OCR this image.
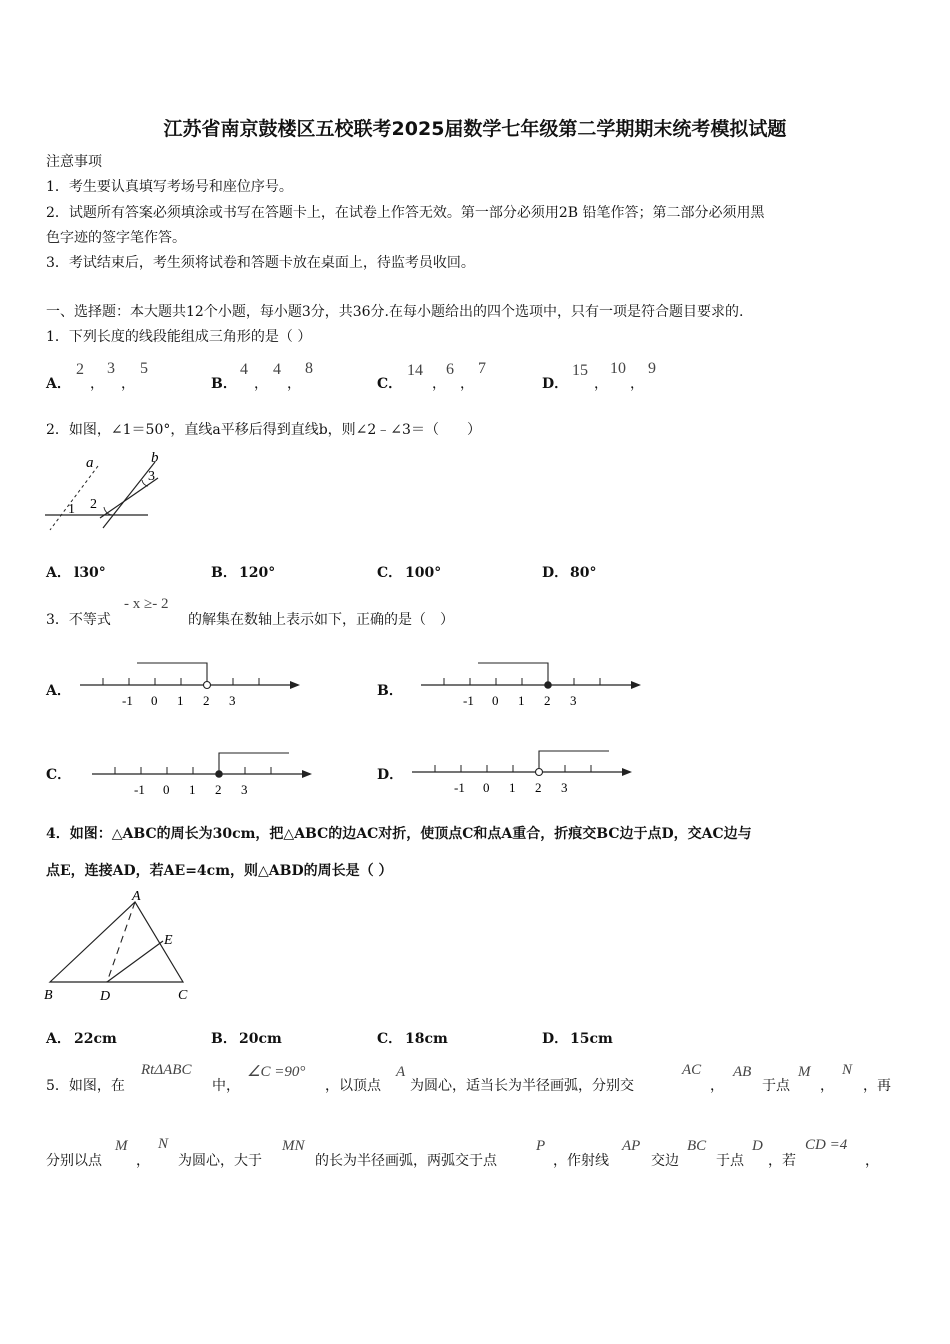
江苏省南京鼓楼区五校联考2025届数学七年级第二学期期末统考模拟试题
注意事项
1．考生要认真填写考场号和座位序号。
2．试题所有答案必须填涂或书写在答题卡上，在试卷上作答无效。第一部分必须用2B 铅笔作答；第二部分必须用黑
色字迹的签字笔作答。
3．考试结束后，考生须将试卷和答题卡放在桌面上，待监考员收回。
一、选择题：本大题共12个小题，每小题3分，共36分.在每小题给出的四个选项中，只有一项是符合题目要求的.
1．下列长度的线段能组成三角形的是（ ）
A．
2
，
3
，
5
B．
4
，
4
，
8
C．
14
，
6
，
7
D．
15
，
10
，
9
2．如图，∠1＝50°，直线a平移后得到直线b，则∠2﹣∠3＝（　　）
a	b
1 2
3
A． l30°	B． 120°	C． 100°	D． 80°
3．不等式
- x ≥- 2
的解集在数轴上表示如下，正确的是（　）
A．
-1 0 1 2 3
B．
-1 0 1 2 3
C．
-1 0 1 2 3
D．
-1 0 1 2 3
4．如图：△ABC的周长为30cm，把△ABC的边AC对折，使顶点C和点A重合，折痕交BC边于点D，交AC边与
点E，连接AD，若AE=4cm，则△ABD的周长是（ ）
A
B	C
D
E
A． 22cm	B． 20cm	C． 18cm	D． 15cm
5．如图，在
RtΔABC
中，
∠C =90°
，以顶点
A
为圆心，适当长为半径画弧，分别交
AC
，
AB
于点
M
，
N
，再
分别以点
M
，
N
为圆心，大于
MN
的长为半径画弧，两弧交于点
P
，作射线
AP
交边
BC
于点
D
，若
CD =4
，
